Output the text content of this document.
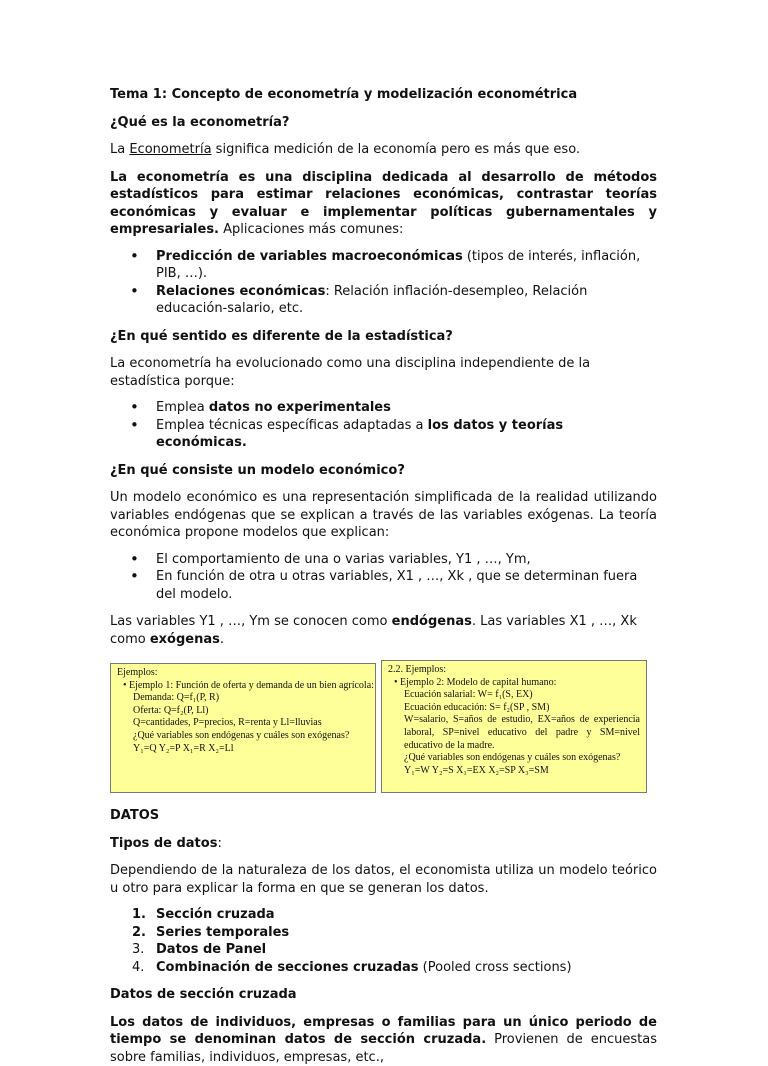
Tema 1: Concepto de econometría y modelización econométrica

¿Qué es la econometría?

La Econometría significa medición de la economía pero es más que eso.

La econometría es una disciplina dedicada al desarrollo de métodos estadísticos para estimar relaciones económicas, contrastar teorías económicas y evaluar e implementar políticas gubernamentales y empresariales. Aplicaciones más comunes:

• Predicción de variables macroeconómicas (tipos de interés, inflación, PIB, …).
• Relaciones económicas: Relación inflación-desempleo, Relación educación-salario, etc.

¿En qué sentido es diferente de la estadística?

La econometría ha evolucionado como una disciplina independiente de la estadística porque:

• Emplea datos no experimentales
• Emplea técnicas específicas adaptadas a los datos y teorías económicas.

¿En qué consiste un modelo económico?

Un modelo económico es una representación simplificada de la realidad utilizando variables endógenas que se explican a través de las variables exógenas. La teoría económica propone modelos que explican:

• El comportamiento de una o varias variables, Y1 , …, Ym,
• En función de otra u otras variables, X1 , …, Xk , que se determinan fuera del modelo.

Las variables Y1 , …, Ym se conocen como endógenas. Las variables X1 , …, Xk como exógenas.

Ejemplos:
• Ejemplo 1: Función de oferta y demanda de un bien agrícola:
Demanda: Q=f₁(P, R)
Oferta: Q=f₂(P, Ll)
Q=cantidades, P=precios, R=renta y Ll=lluvias
¿Qué variables son endógenas y cuáles son exógenas?
Y₁=Q Y₂=P X₁=R X₂=Ll
2.2. Ejemplos:
• Ejemplo 2: Modelo de capital humano:
Ecuación salarial: W= f₁(S, EX)
Ecuación educación: S= f₂(SP , SM)
W=salario, S=años de estudio, EX=años de experiencia laboral, SP=nivel educativo del padre y SM=nivel educativo de la madre.
¿Qué variables son endógenas y cuáles son exógenas?
Y₁=W Y₂=S X₁=EX X₂=SP X₃=SM

DATOS

Tipos de datos:

Dependiendo de la naturaleza de los datos, el economista utiliza un modelo teórico u otro para explicar la forma en que se generan los datos.

1. Sección cruzada
2. Series temporales
3. Datos de Panel
4. Combinación de secciones cruzadas (Pooled cross sections)

Datos de sección cruzada

Los datos de individuos, empresas o familias para un único periodo de tiempo se denominan datos de sección cruzada. Provienen de encuestas sobre familias, individuos, empresas, etc.,
